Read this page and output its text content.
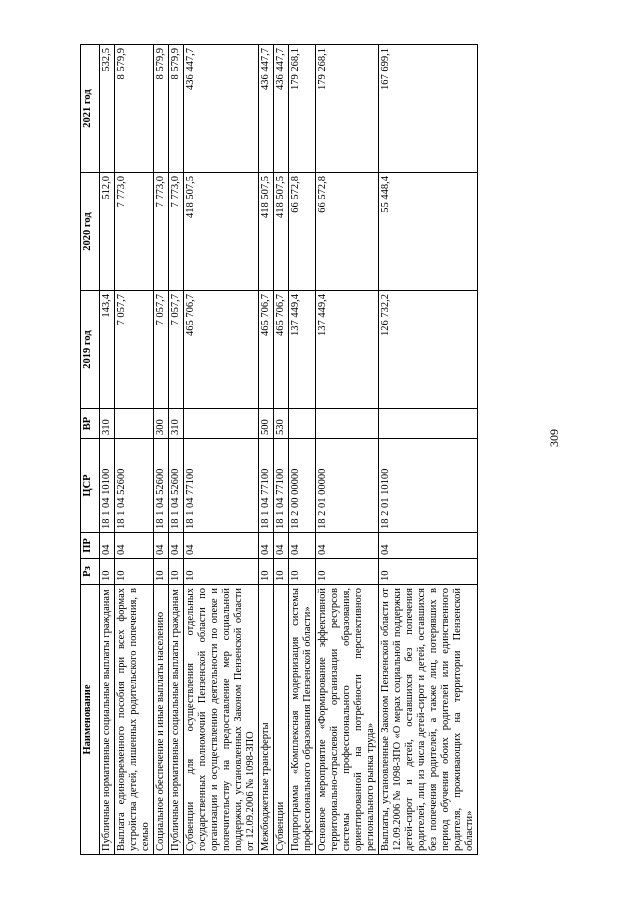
309
Наименование	Рз	ПР	ЦСР	ВР	2019 год	2020 год	2021 год
Публичные нормативные социальные выплаты гражданам	10	04	18 1 04 10100	310	143,4	512,0	532,5
Выплата единовременного пособия при всех формах устройства детей, лишенных родительского попечения, в семью	10	04	18 1 04 52600		7 057,7	7 773,0	8 579,9
Социальное обеспечение и иные выплаты населению	10	04	18 1 04 52600	300	7 057,7	7 773,0	8 579,9
Публичные нормативные социальные выплаты гражданам	10	04	18 1 04 52600	310	7 057,7	7 773,0	8 579,9
Субвенции для осуществления отдельных государственных полномочий Пензенской области по организации и осуществлению деятельности по опеке и попечительству на предоставление мер социальной поддержки, установленных Законом Пензенской области от 12.09.2006 № 1098-ЗПО	10	04	18 1 04 77100		465 706,7	418 507,5	436 447,7
Межбюджетные трансферты	10	04	18 1 04 77100	500	465 706,7	418 507,5	436 447,7
Субвенции	10	04	18 1 04 77100	530	465 706,7	418 507,5	436 447,7
Подпрограмма «Комплексная модернизация системы профессионального образования Пензенской области»	10	04	18 2 00 00000		137 449,4	66 572,8	179 268,1
Основное мероприятие «Формирование эффективной территориально-отраслевой организации ресурсов системы профессионального образования, ориентированной на потребности перспективного регионального рынка труда»	10	04	18 2 01 00000		137 449,4	66 572,8	179 268,1
Выплаты, установленные Законом Пензенской области от 12.09.2006 № 1098-ЗПО «О мерах социальной поддержки детей-сирот и детей, оставшихся без попечения родителей, лиц из числа детей-сирот и детей, оставшихся без попечения родителей, а также лиц, потерявших в период обучения обоих родителей или единственного родителя, проживающих на территории Пензенской области»	10	04	18 2 01 10100		126 732,2	55 448,4	167 699,1
